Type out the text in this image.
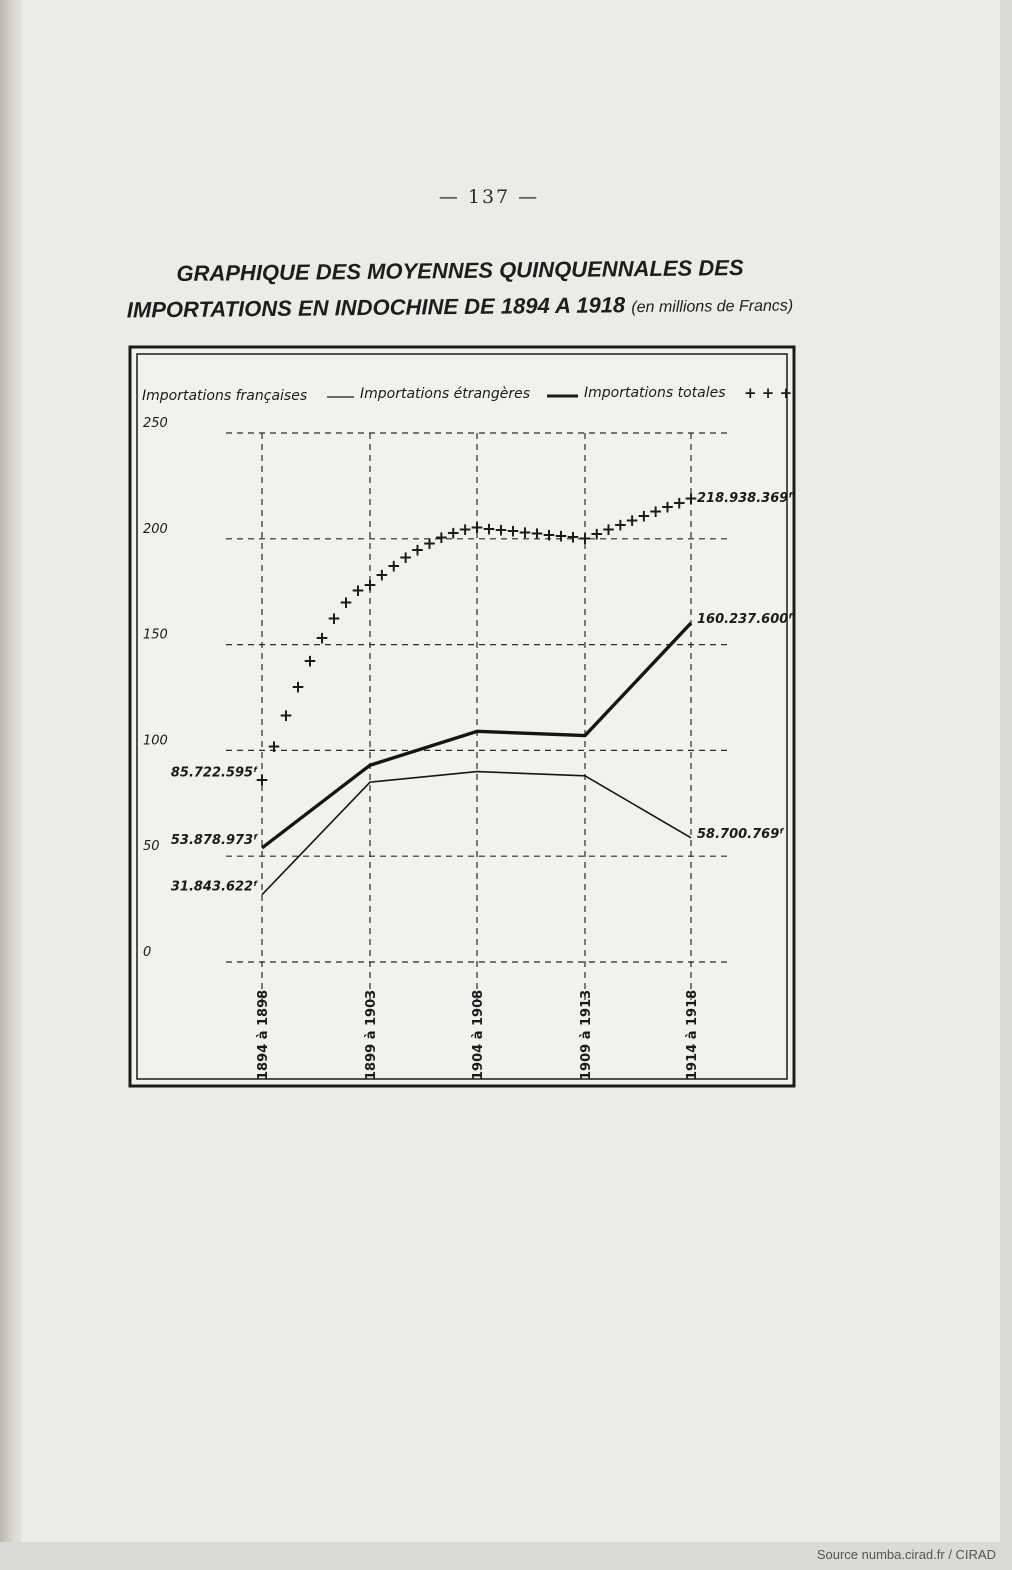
— 137 —
GRAPHIQUE DES MOYENNES QUINQUENNALES DES
IMPORTATIONS EN INDOCHINE DE 1894 A 1918 (en millions de Francs)
Importations françaises	Importations étrangères	Importations totales + + +
250
200
150
100
50
0
1894 à 1898	1899 à 1903	1904 à 1908	1909 à 1913	1914 à 1918
+
+
+
+
+
+
+
+
+
+
+
+
+
+
+
+
+
+
+
+
+
+
+
+
+
+
+
+
+
+
+
+
+
+
+
+
+
85.722.595ᶠ
53.878.973ᶠ
31.843.622ᶠ
218.938.369ᶠ
160.237.600ᶠ
58.700.769ᶠ
Source numba.cirad.fr / CIRAD
